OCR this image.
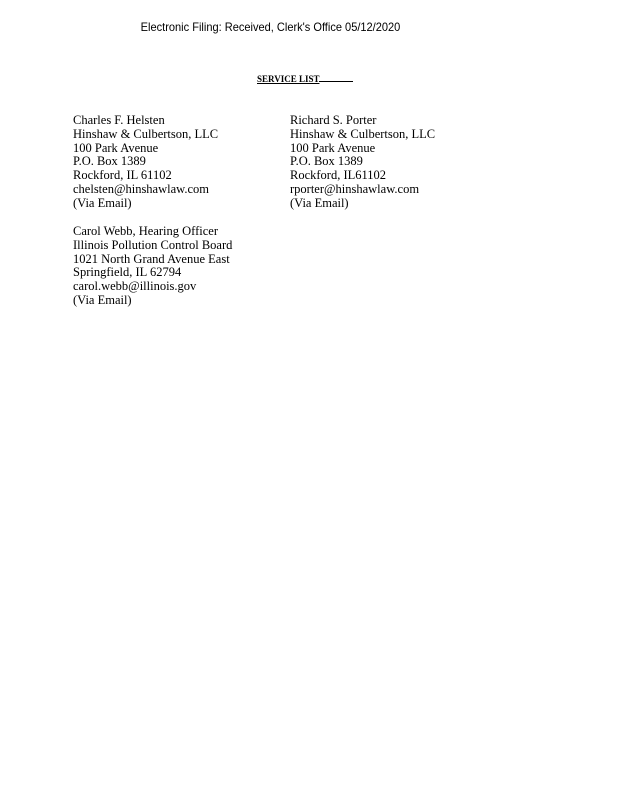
Electronic Filing: Received, Clerk's Office 05/12/2020
SERVICE LIST
Charles F. Helsten
Hinshaw & Culbertson, LLC
100 Park Avenue
P.O. Box 1389
Rockford, IL 61102
chelsten@hinshawlaw.com
(Via Email)
Richard S. Porter
Hinshaw & Culbertson, LLC
100 Park Avenue
P.O. Box 1389
Rockford, IL61102
rporter@hinshawlaw.com
(Via Email)
Carol Webb, Hearing Officer
Illinois Pollution Control Board
1021 North Grand Avenue East
Springfield, IL 62794
carol.webb@illinois.gov
(Via Email)
